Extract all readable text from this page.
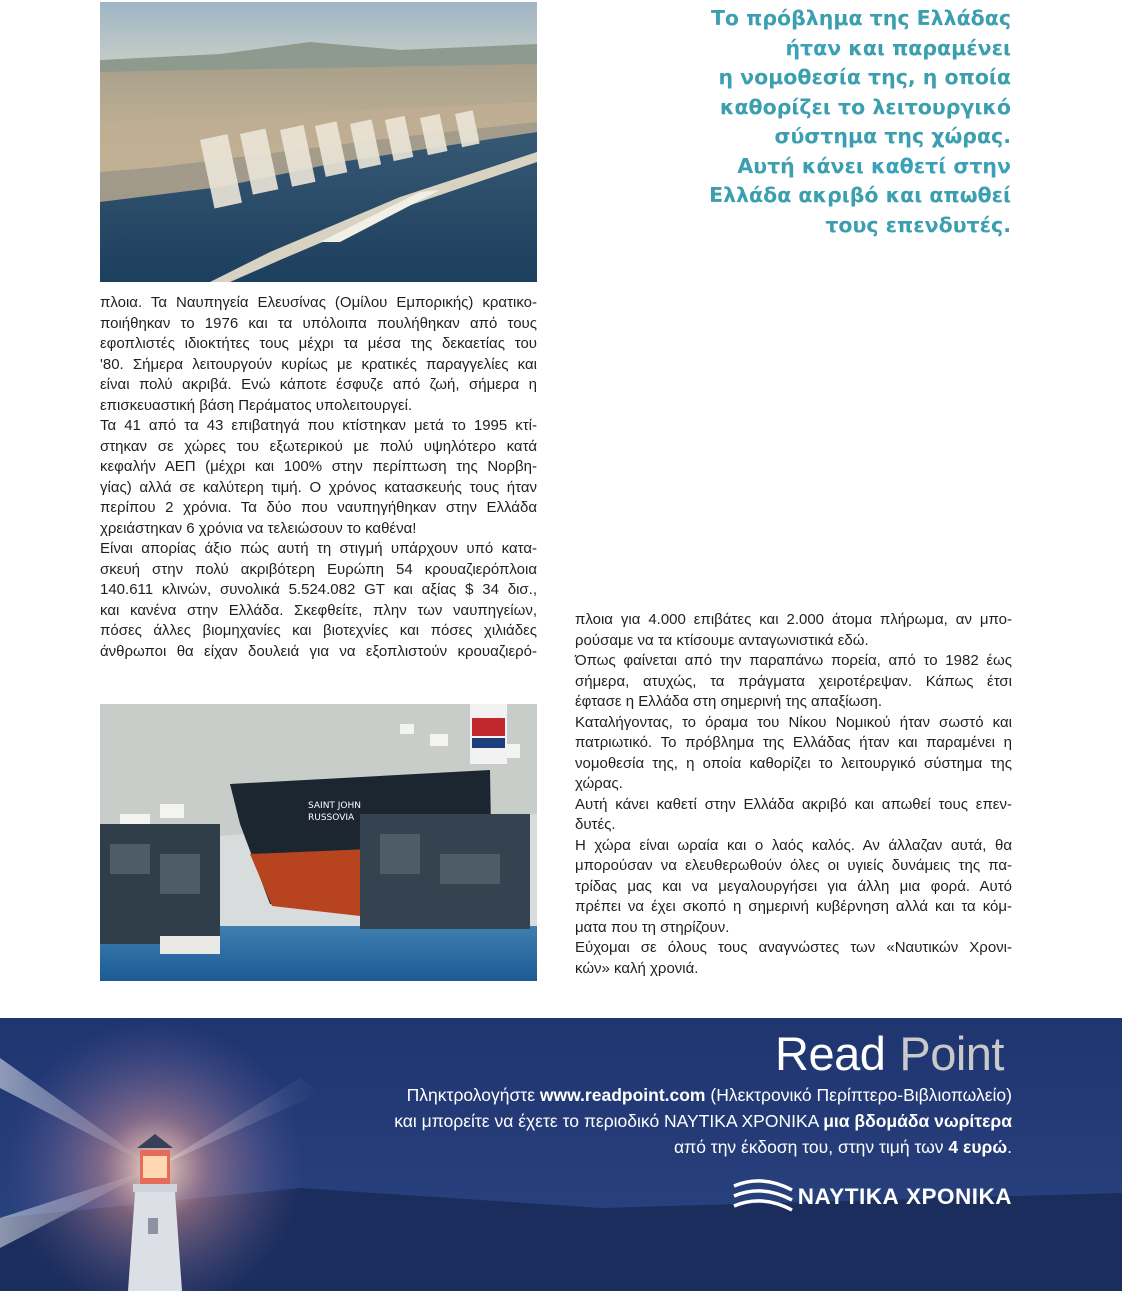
Το πρόβλημα της Ελλάδας
ήταν και παραμένει
η νομοθεσία της, η οποία
καθορίζει το λειτουργικό
σύστημα της χώρας.
Αυτή κάνει καθετί στην
Ελλάδα ακριβό και απωθεί
τους επενδυτές.
πλοια. Τα Ναυπηγεία Ελευσίνας (Ομίλου Εμπορικής) κρατικο-
ποιήθηκαν το 1976 και τα υπόλοιπα πουλήθηκαν από τους
εφοπλιστές ιδιοκτήτες τους μέχρι τα μέσα της δεκαετίας του
'80. Σήμερα λειτουργούν κυρίως με κρατικές παραγγελίες και
είναι πολύ ακριβά. Ενώ κάποτε έσφυζε από ζωή, σήμερα η
επισκευαστική βάση Περάματος υπολειτουργεί.
Τα 41 από τα 43 επιβατηγά που κτίστηκαν μετά το 1995 κτί-
στηκαν σε χώρες του εξωτερικού με πολύ υψηλότερο κατά
κεφαλήν ΑΕΠ (μέχρι και 100% στην περίπτωση της Νορβη-
γίας) αλλά σε καλύτερη τιμή. Ο χρόνος κατασκευής τους ήταν
περίπου 2 χρόνια. Τα δύο που ναυπηγήθηκαν στην Ελλάδα
χρειάστηκαν 6 χρόνια να τελειώσουν το καθένα!
Είναι απορίας άξιο πώς αυτή τη στιγμή υπάρχουν υπό κατα-
σκευή στην πολύ ακριβότερη Ευρώπη 54 κρουαζιερόπλοια
140.611 κλινών, συνολικά 5.524.082 GT και αξίας $ 34 δισ.,
και κανένα στην Ελλάδα. Σκεφθείτε, πλην των ναυπηγείων,
πόσες άλλες βιομηχανίες και βιοτεχνίες και πόσες χιλιάδες
άνθρωποι θα είχαν δουλειά για να εξοπλιστούν κρουαζιερό-
πλοια για 4.000 επιβάτες και 2.000 άτομα πλήρωμα, αν μπο-
ρούσαμε να τα κτίσουμε ανταγωνιστικά εδώ.
Όπως φαίνεται από την παραπάνω πορεία, από το 1982 έως
σήμερα, ατυχώς, τα πράγματα χειροτέρεψαν. Κάπως έτσι
έφτασε η Ελλάδα στη σημερινή της απαξίωση.
Καταλήγοντας, το όραμα του Νίκου Νομικού ήταν σωστό και
πατριωτικό. Το πρόβλημα της Ελλάδας ήταν και παραμένει η
νομοθεσία της, η οποία καθορίζει το λειτουργικό σύστημα της
χώρας.
Αυτή κάνει καθετί στην Ελλάδα ακριβό και απωθεί τους επεν-
δυτές.
Η χώρα είναι ωραία και ο λαός καλός. Αν άλλαζαν αυτά, θα
μπορούσαν να ελευθερωθούν όλες οι υγιείς δυνάμεις της πα-
τρίδας μας και να μεγαλουργήσει για άλλη μια φορά. Αυτό
πρέπει να έχει σκοπό η σημερινή κυβέρνηση αλλά και τα κόμ-
ματα που τη στηρίζουν.
Εύχομαι σε όλους τους αναγνώστες των «Ναυτικών Χρονι-
κών» καλή χρονιά.
SAINT JOHN
RUSSOVIA
Read Point
Πληκτρολογήστε www.readpoint.com (Ηλεκτρονικό Περίπτερο-Βιβλιοπωλείο)
και μπορείτε να έχετε το περιοδικό ΝΑΥΤΙΚΑ ΧΡΟΝΙΚΑ μια βδομάδα νωρίτερα
από την έκδοση του, στην τιμή των 4 ευρώ.
ΝΑΥΤΙΚΑ ΧΡΟΝΙΚΑ
